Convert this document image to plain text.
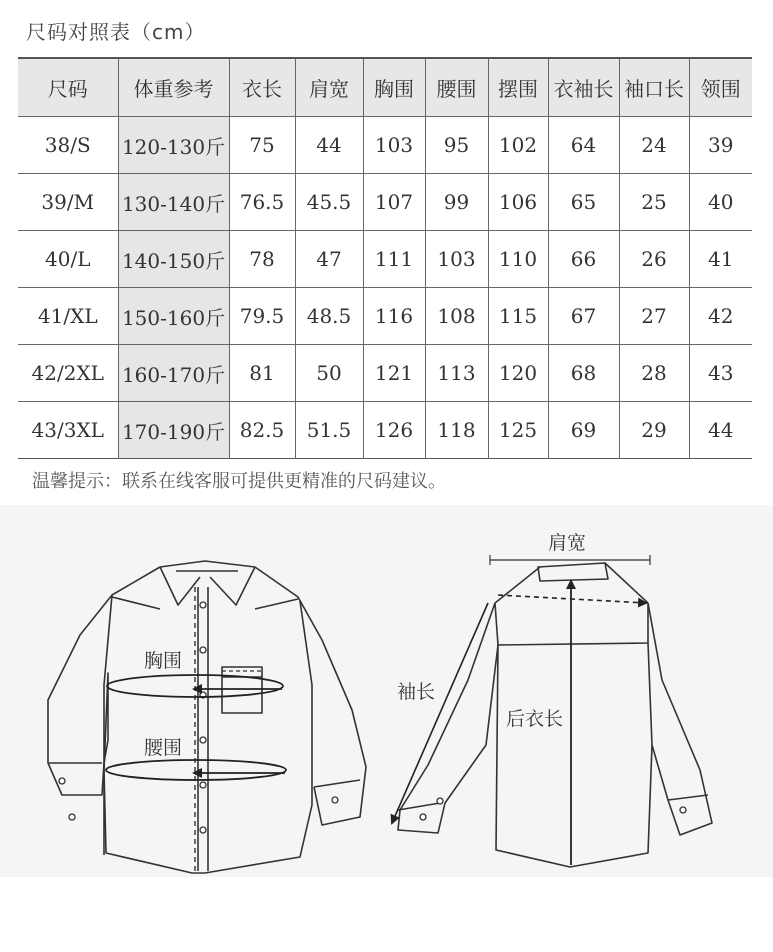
尺码对照表（cm）
尺码	体重参考	衣长	肩宽	胸围	腰围	摆围	衣袖长	袖口长	领围
38/S	120-130斤	75	44	103	95	102	64	24	39
39/M	130-140斤	76.5	45.5	107	99	106	65	25	40
40/L	140-150斤	78	47	111	103	110	66	26	41
41/XL	150-160斤	79.5	48.5	116	108	115	67	27	42
42/2XL	160-170斤	81	50	121	113	120	68	28	43
43/3XL	170-190斤	82.5	51.5	126	118	125	69	29	44
温馨提示：联系在线客服可提供更精准的尺码建议。
胸围
腰围
肩宽
袖长
后衣长
